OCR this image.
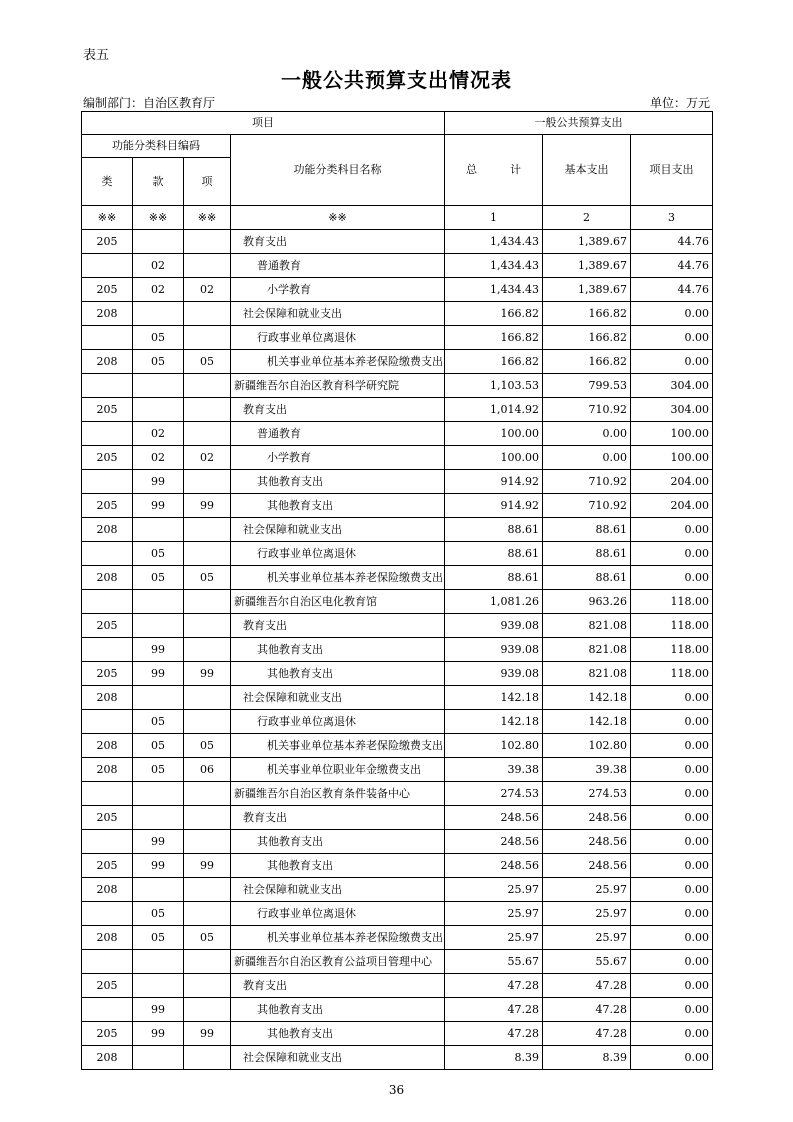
表五
一般公共预算支出情况表
编制部门：自治区教育厅	单位：万元
项目				一般公共预算支出		
功能分类科目编码			功能分类科目名称	总　　　计	基本支出	项目支出
类	款	项				
※※	※※	※※	※※	1	2	3
205			教育支出	1,434.43	1,389.67	44.76
	02		普通教育	1,434.43	1,389.67	44.76
205	02	02	小学教育	1,434.43	1,389.67	44.76
208			社会保障和就业支出	166.82	166.82	0.00
	05		行政事业单位离退休	166.82	166.82	0.00
208	05	05	机关事业单位基本养老保险缴费支出	166.82	166.82	0.00
			新疆维吾尔自治区教育科学研究院	1,103.53	799.53	304.00
205			教育支出	1,014.92	710.92	304.00
	02		普通教育	100.00	0.00	100.00
205	02	02	小学教育	100.00	0.00	100.00
	99		其他教育支出	914.92	710.92	204.00
205	99	99	其他教育支出	914.92	710.92	204.00
208			社会保障和就业支出	88.61	88.61	0.00
	05		行政事业单位离退休	88.61	88.61	0.00
208	05	05	机关事业单位基本养老保险缴费支出	88.61	88.61	0.00
			新疆维吾尔自治区电化教育馆	1,081.26	963.26	118.00
205			教育支出	939.08	821.08	118.00
	99		其他教育支出	939.08	821.08	118.00
205	99	99	其他教育支出	939.08	821.08	118.00
208			社会保障和就业支出	142.18	142.18	0.00
	05		行政事业单位离退休	142.18	142.18	0.00
208	05	05	机关事业单位基本养老保险缴费支出	102.80	102.80	0.00
208	05	06	机关事业单位职业年金缴费支出	39.38	39.38	0.00
			新疆维吾尔自治区教育条件装备中心	274.53	274.53	0.00
205			教育支出	248.56	248.56	0.00
	99		其他教育支出	248.56	248.56	0.00
205	99	99	其他教育支出	248.56	248.56	0.00
208			社会保障和就业支出	25.97	25.97	0.00
	05		行政事业单位离退休	25.97	25.97	0.00
208	05	05	机关事业单位基本养老保险缴费支出	25.97	25.97	0.00
			新疆维吾尔自治区教育公益项目管理中心	55.67	55.67	0.00
205			教育支出	47.28	47.28	0.00
	99		其他教育支出	47.28	47.28	0.00
205	99	99	其他教育支出	47.28	47.28	0.00
208			社会保障和就业支出	8.39	8.39	0.00
36
